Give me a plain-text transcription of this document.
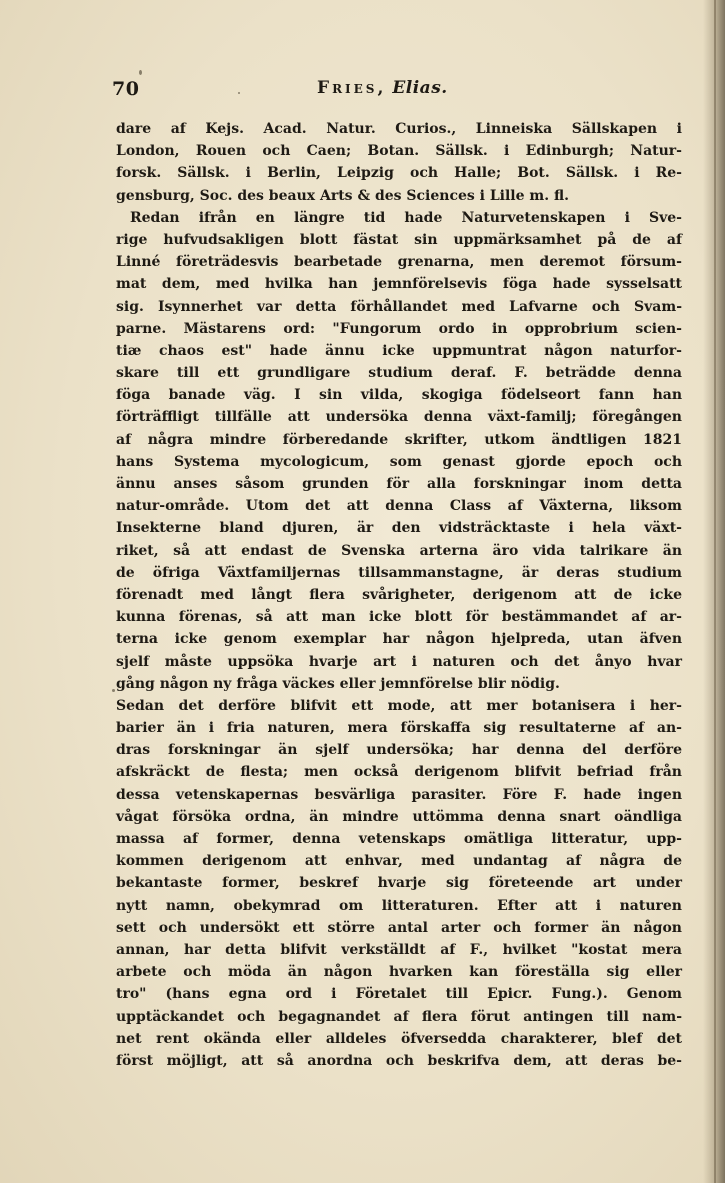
70	Fries, Elias.
dare af Kejs. Acad. Natur. Curios., Linneiska Sällskapen i
London, Rouen och Caen; Botan. Sällsk. i Edinburgh; Natur-
forsk. Sällsk. i Berlin, Leipzig och Halle; Bot. Sällsk. i Re-
gensburg, Soc. des beaux Arts & des Sciences i Lille m. fl.
Redan ifrån en längre tid hade Naturvetenskapen i Sve-
rige hufvudsakligen blott fästat sin uppmärksamhet på de af
Linné företrädesvis bearbetade grenarna, men deremot försum-
mat dem, med hvilka han jemnförelsevis föga hade sysselsatt
sig. Isynnerhet var detta förhållandet med Lafvarne och Svam-
parne. Mästarens ord: "Fungorum ordo in opprobrium scien-
tiæ chaos est" hade ännu icke uppmuntrat någon naturfor-
skare till ett grundligare studium deraf. F. beträdde denna
föga banade väg. I sin vilda, skogiga födelseort fann han
förträffligt tillfälle att undersöka denna växt-familj; föregången
af några mindre förberedande skrifter, utkom ändtligen 1821
hans Systema mycologicum, som genast gjorde epoch och
ännu anses såsom grunden för alla forskningar inom detta
natur-område. Utom det att denna Class af Växterna, liksom
Insekterne bland djuren, är den vidsträcktaste i hela växt-
riket, så att endast de Svenska arterna äro vida talrikare än
de öfriga Växtfamiljernas tillsammanstagne, är deras studium
förenadt med långt flera svårigheter, derigenom att de icke
kunna förenas, så att man icke blott för bestämmandet af ar-
terna icke genom exemplar har någon hjelpreda, utan äfven
sjelf måste uppsöka hvarje art i naturen och det ånyo hvar
gång någon ny fråga väckes eller jemnförelse blir nödig.
Sedan det derföre blifvit ett mode, att mer botanisera i her-
barier än i fria naturen, mera förskaffa sig resultaterne af an-
dras forskningar än sjelf undersöka; har denna del derföre
afskräckt de flesta; men också derigenom blifvit befriad från
dessa vetenskapernas besvärliga parasiter. Före F. hade ingen
vågat försöka ordna, än mindre uttömma denna snart oändliga
massa af former, denna vetenskaps omätliga litteratur, upp-
kommen derigenom att enhvar, med undantag af några de
bekantaste former, beskref hvarje sig företeende art under
nytt namn, obekymrad om litteraturen. Efter att i naturen
sett och undersökt ett större antal arter och former än någon
annan, har detta blifvit verkställdt af F., hvilket "kostat mera
arbete och möda än någon hvarken kan föreställa sig eller
tro" (hans egna ord i Företalet till Epicr. Fung.). Genom
upptäckandet och begagnandet af flera förut antingen till nam-
net rent okända eller alldeles öfversedda charakterer, blef det
först möjligt, att så anordna och beskrifva dem, att deras be-
